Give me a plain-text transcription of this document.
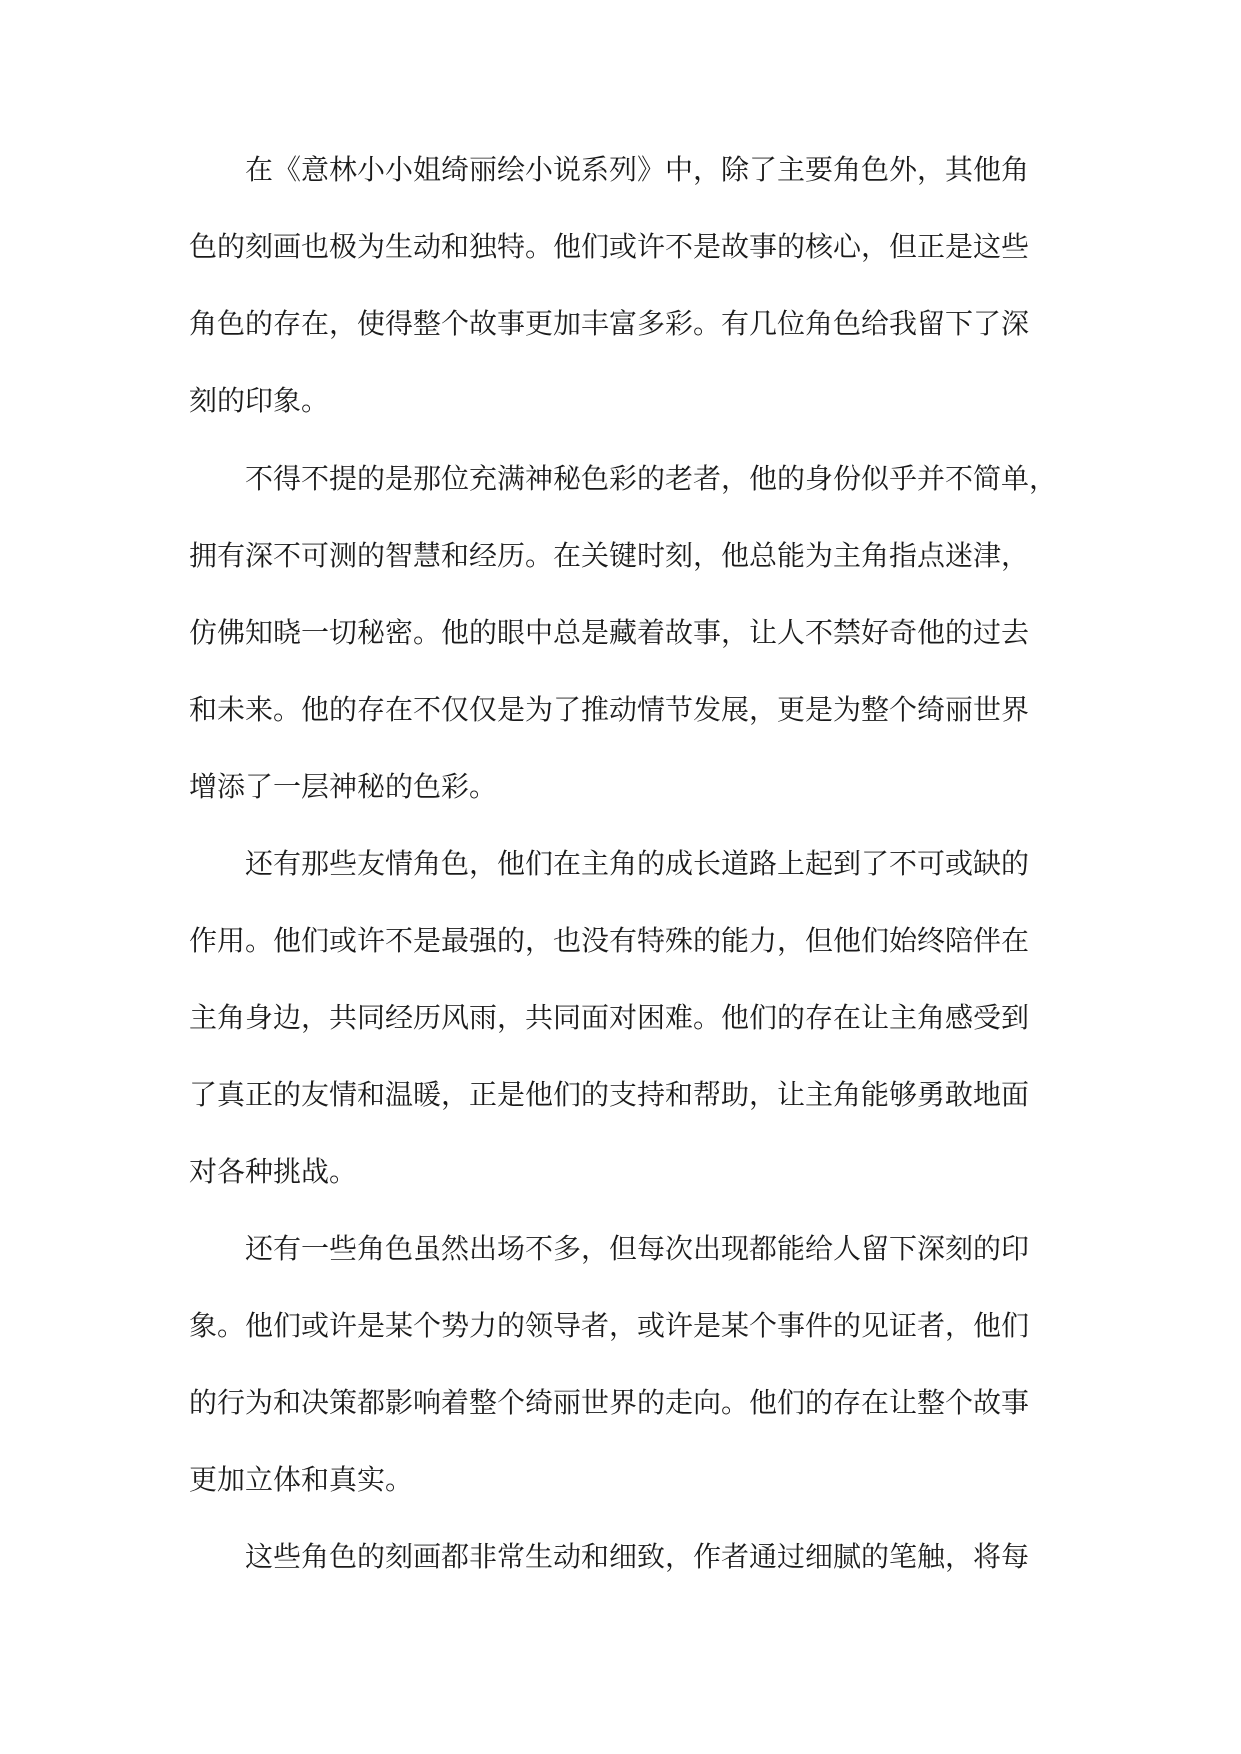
在《意林小小姐绮丽绘小说系列》中，除了主要角色外，其他角

色的刻画也极为生动和独特。他们或许不是故事的核心，但正是这些

角色的存在，使得整个故事更加丰富多彩。有几位角色给我留下了深

刻的印象。

不得不提的是那位充满神秘色彩的老者，他的身份似乎并不简单，

拥有深不可测的智慧和经历。在关键时刻，他总能为主角指点迷津，

仿佛知晓一切秘密。他的眼中总是藏着故事，让人不禁好奇他的过去

和未来。他的存在不仅仅是为了推动情节发展，更是为整个绮丽世界

增添了一层神秘的色彩。

还有那些友情角色，他们在主角的成长道路上起到了不可或缺的

作用。他们或许不是最强的，也没有特殊的能力，但他们始终陪伴在

主角身边，共同经历风雨，共同面对困难。他们的存在让主角感受到

了真正的友情和温暖，正是他们的支持和帮助，让主角能够勇敢地面

对各种挑战。

还有一些角色虽然出场不多，但每次出现都能给人留下深刻的印

象。他们或许是某个势力的领导者，或许是某个事件的见证者，他们

的行为和决策都影响着整个绮丽世界的走向。他们的存在让整个故事

更加立体和真实。

这些角色的刻画都非常生动和细致，作者通过细腻的笔触，将每
